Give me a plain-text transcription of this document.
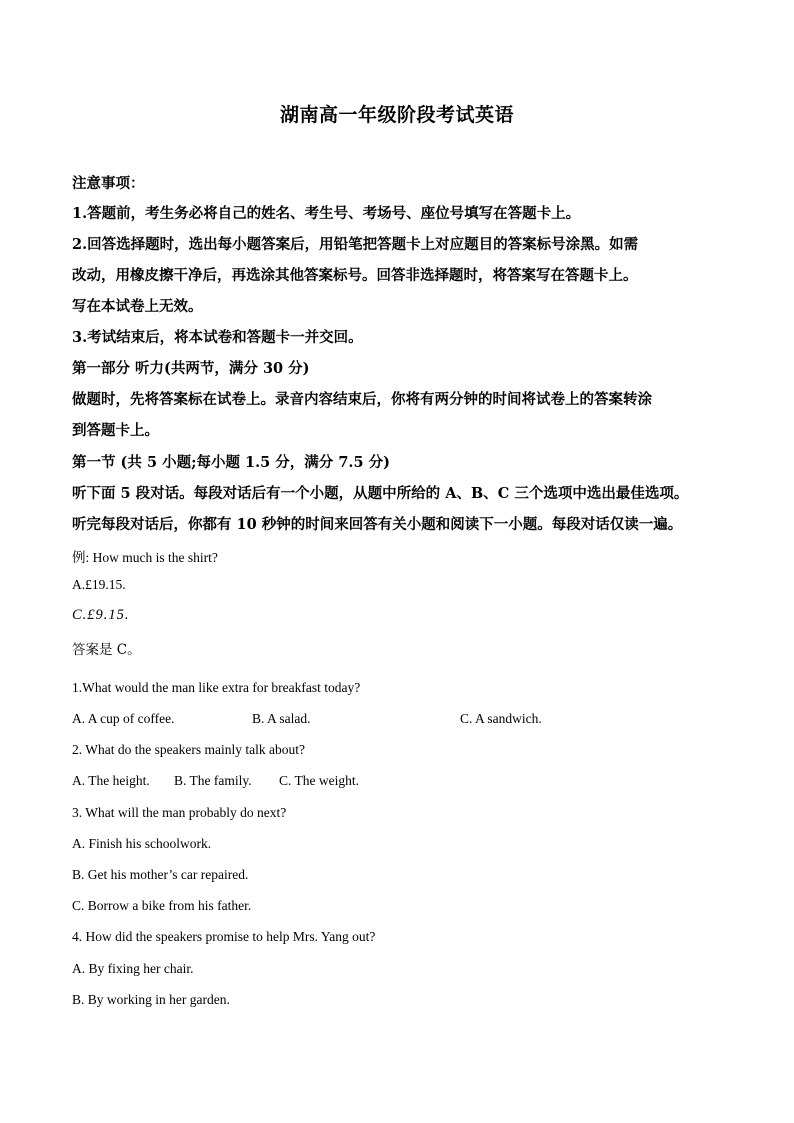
湖南高一年级阶段考试英语
注意事项：
1.答题前，考生务必将自己的姓名、考生号、考场号、座位号填写在答题卡上。
2.回答选择题时，选出每小题答案后，用铅笔把答题卡上对应题目的答案标号涂黑。如需
改动，用橡皮擦干净后，再选涂其他答案标号。回答非选择题时，将答案写在答题卡上。
写在本试卷上无效。
3.考试结束后，将本试卷和答题卡一并交回。
第一部分 听力(共两节，满分 30 分)
做题时，先将答案标在试卷上。录音内容结束后，你将有两分钟的时间将试卷上的答案转涂
到答题卡上。
第一节 (共 5 小题;每小题 1.5 分，满分 7.5 分)
听下面 5 段对话。每段对话后有一个小题，从题中所给的 A、B、C 三个选项中选出最佳选项。
听完每段对话后，你都有 10 秒钟的时间来回答有关小题和阅读下一小题。每段对话仅读一遍。
例: How much is the shirt?
A.£19.15.
C.£9.15.
答案是 C。
1.What would the man like extra for breakfast today?
A. A cup of coffee.	B. A salad.	C. A sandwich.
2. What do the speakers mainly talk about?
A. The height. B. The family. C. The weight.
3. What will the man probably do next?
A. Finish his schoolwork.
B. Get his mother’s car repaired.
C. Borrow a bike from his father.
4. How did the speakers promise to help Mrs. Yang out?
A. By fixing her chair.
B. By working in her garden.
